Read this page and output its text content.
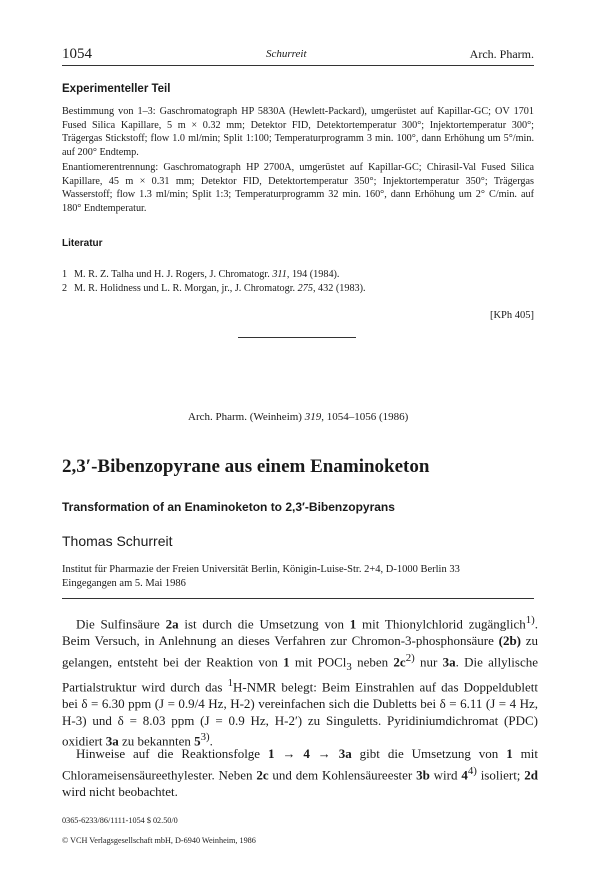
1054	Schurreit	Arch. Pharm.
Experimenteller Teil
Bestimmung von 1–3: Gaschromatograph HP 5830A (Hewlett-Packard), umgerüstet auf Kapillar-GC; OV 1701 Fused Silica Kapillare, 5 m × 0.32 mm; Detektor FID, Detektortemperatur 300°; Injektortemperatur 300°; Trägergas Stickstoff; flow 1.0 ml/min; Split 1:100; Temperaturprogramm 3 min. 100°, dann Erhöhung um 5°/min. auf 200° Endtemp.
Enantiomerentrennung: Gaschromatograph HP 2700A, umgerüstet auf Kapillar-GC; Chirasil-Val Fused Silica Kapillare, 45 m × 0.31 mm; Detektor FID, Detektortemperatur 350°; Injektortemperatur 350°; Trägergas Wasserstoff; flow 1.3 ml/min; Split 1:3; Temperaturprogramm 32 min. 160°, dann Erhöhung um 2° C/min. auf 180° Endtemperatur.
Literatur
1 M. R. Z. Talha und H. J. Rogers, J. Chromatogr. 311, 194 (1984).
2 M. R. Holidness und L. R. Morgan, jr., J. Chromatogr. 275, 432 (1983).
[KPh 405]
Arch. Pharm. (Weinheim) 319, 1054–1056 (1986)
2,3′-Bibenzopyrane aus einem Enaminoketon
Transformation of an Enaminoketon to 2,3′-Bibenzopyrans
Thomas Schurreit
Institut für Pharmazie der Freien Universität Berlin, Königin-Luise-Str. 2+4, D-1000 Berlin 33
Eingegangen am 5. Mai 1986
Die Sulfinsäure 2a ist durch die Umsetzung von 1 mit Thionylchlorid zugänglich$^{1)}$. Beim Versuch, in Anlehnung an dieses Verfahren zur Chromon-3-phosphonsäure (2b) zu gelangen, entsteht bei der Reaktion von 1 mit POCl$_3$ neben $2c^{2)}$ nur 3a. Die allylische Partialstruktur wird durch das $^1$H-NMR belegt: Beim Einstrahlen auf das Doppeldublett bei δ = 6.30 ppm (J = 0.9/4 Hz, H-2) vereinfachen sich die Dubletts bei δ = 6.11 (J = 4 Hz, H-3) und δ = 8.03 ppm (J = 0.9 Hz, H-2′) zu Singuletts. Pyridiniumdichromat (PDC) oxidiert 3a zu bekannten 5$^{3)}$.
Hinweise auf die Reaktionsfolge 1 → 4 → 3a gibt die Umsetzung von 1 mit Chlorameisensäureethylester. Neben 2c und dem Kohlensäureester 3b wird 4$^{4)}$ isoliert; 2d wird nicht beobachtet.
0365-6233/86/1111-1054 $ 02.50/0
© VCH Verlagsgesellschaft mbH, D-6940 Weinheim, 1986
